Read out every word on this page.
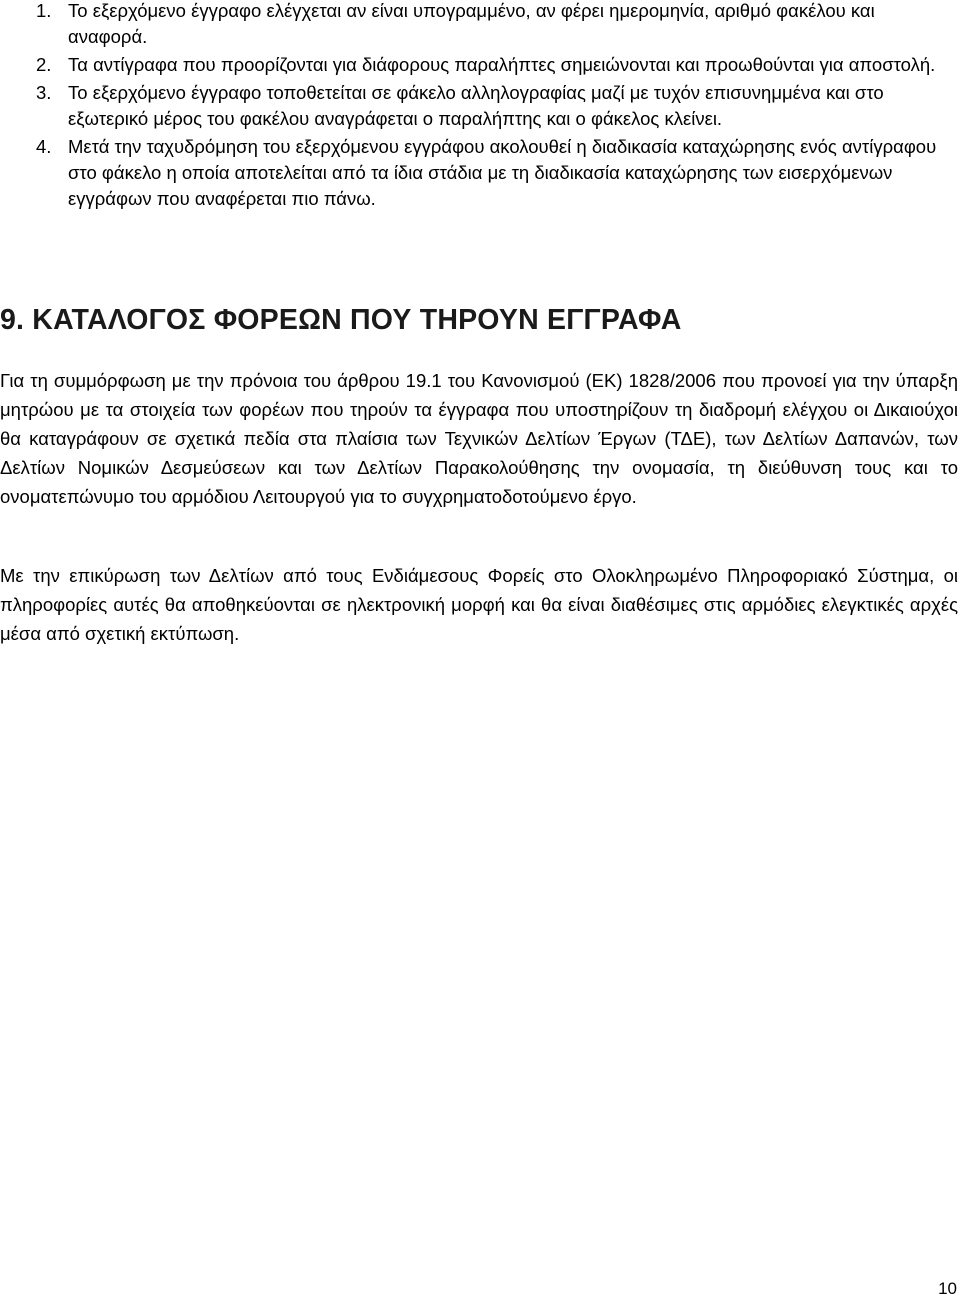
1. Το εξερχόμενο έγγραφο ελέγχεται αν είναι υπογραμμένο, αν φέρει ημερομηνία, αριθμό φακέλου και αναφορά.
2. Τα αντίγραφα που προορίζονται για διάφορους παραλήπτες σημειώνονται και προωθούνται για αποστολή.
3. Το εξερχόμενο έγγραφο τοποθετείται σε φάκελο αλληλογραφίας μαζί με τυχόν επισυνημμένα και στο εξωτερικό μέρος του φακέλου αναγράφεται ο παραλήπτης και ο φάκελος κλείνει.
4. Μετά την ταχυδρόμηση του εξερχόμενου εγγράφου ακολουθεί η διαδικασία καταχώρησης ενός αντίγραφου στο φάκελο η οποία αποτελείται από τα ίδια στάδια με τη διαδικασία καταχώρησης των εισερχόμενων εγγράφων που αναφέρεται πιο πάνω.
9. ΚΑΤΑΛΟΓΟΣ ΦΟΡΕΩΝ ΠΟΥ ΤΗΡΟΥΝ ΕΓΓΡΑΦΑ

Για τη συμμόρφωση με την πρόνοια του άρθρου 19.1 του Κανονισμού (ΕΚ) 1828/2006 που προνοεί για την ύπαρξη μητρώου με τα στοιχεία των φορέων που τηρούν τα έγγραφα που υποστηρίζουν τη διαδρομή ελέγχου οι Δικαιούχοι θα καταγράφουν σε σχετικά πεδία στα πλαίσια των Τεχνικών Δελτίων Έργων (ΤΔΕ), των Δελτίων Δαπανών, των Δελτίων Νομικών Δεσμεύσεων και των Δελτίων Παρακολούθησης την ονομασία, τη διεύθυνση τους και το ονοματεπώνυμο του αρμόδιου Λειτουργού για το συγχρηματοδοτούμενο έργο.

Με την επικύρωση των Δελτίων από τους Ενδιάμεσους Φορείς στο Ολοκληρωμένο Πληροφοριακό Σύστημα, οι πληροφορίες αυτές θα αποθηκεύονται σε ηλεκτρονική μορφή και θα είναι διαθέσιμες στις αρμόδιες ελεγκτικές αρχές μέσα από σχετική εκτύπωση.

10
